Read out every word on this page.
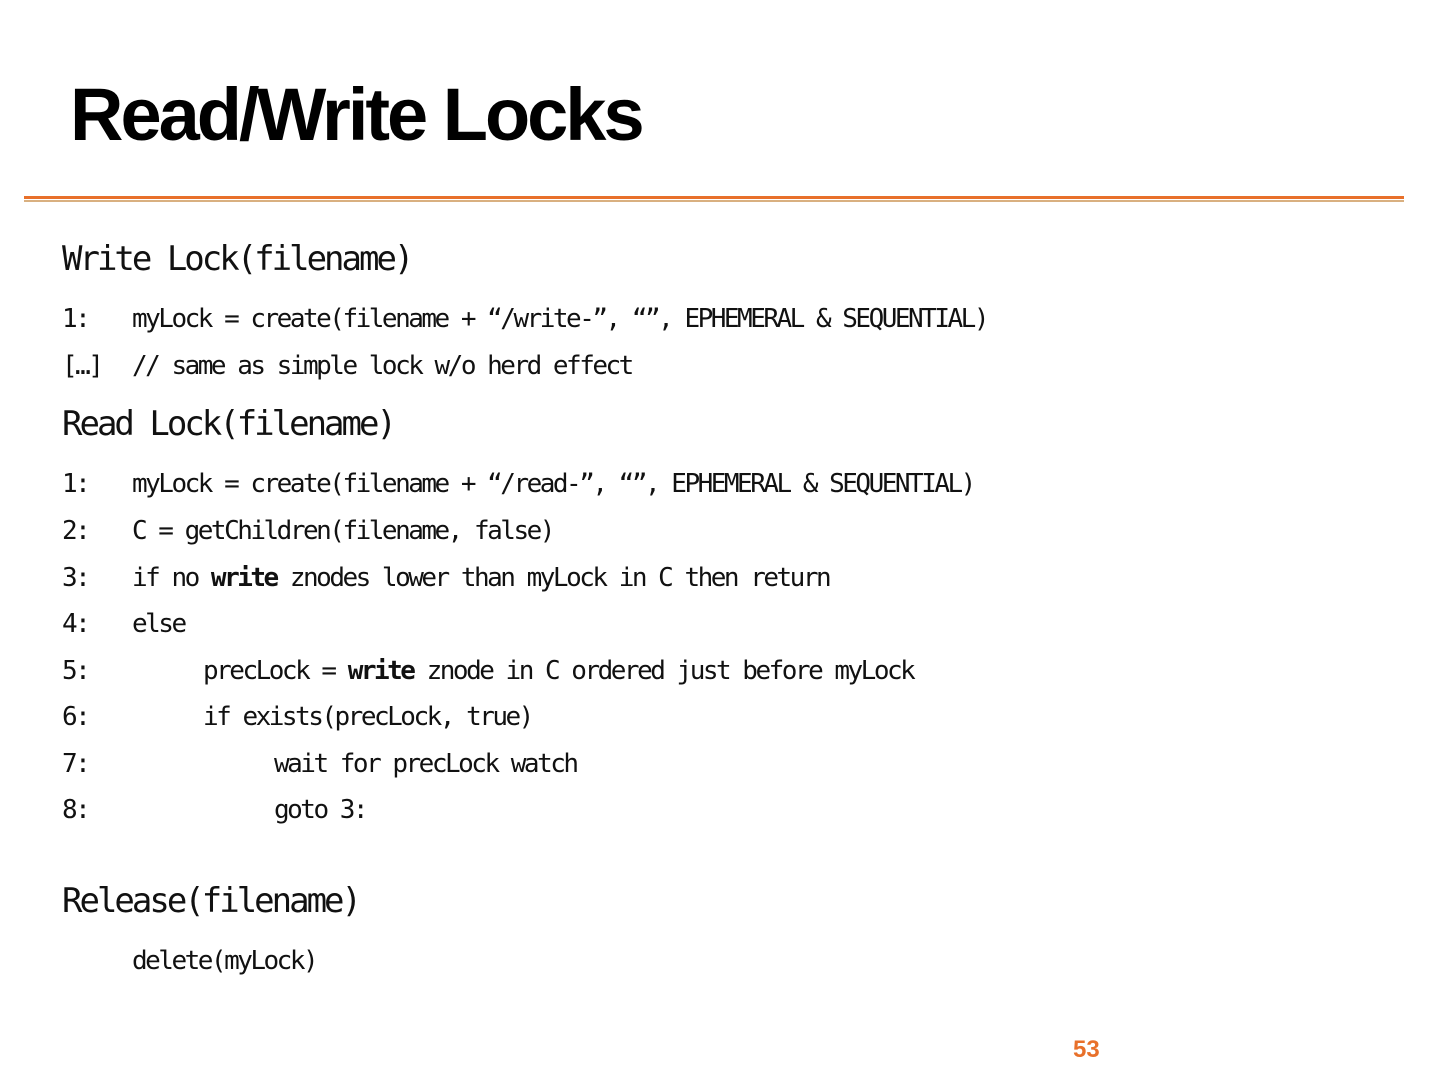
Read/Write Locks
Write Lock(filename)
1: myLock = create(filename + “/write-”, “”, EPHEMERAL & SEQUENTIAL)
[…] // same as simple lock w/o herd effect
Read Lock(filename)
1: myLock = create(filename + “/read-”, “”, EPHEMERAL & SEQUENTIAL)
2: C = getChildren(filename, false)
3: if no write znodes lower than myLock in C then return
4: else
5:	precLock = write znode in C ordered just before myLock
6:	if exists(precLock, true)
7:	wait for precLock watch
8:	goto 3:
Release(filename)
delete(myLock)
53
